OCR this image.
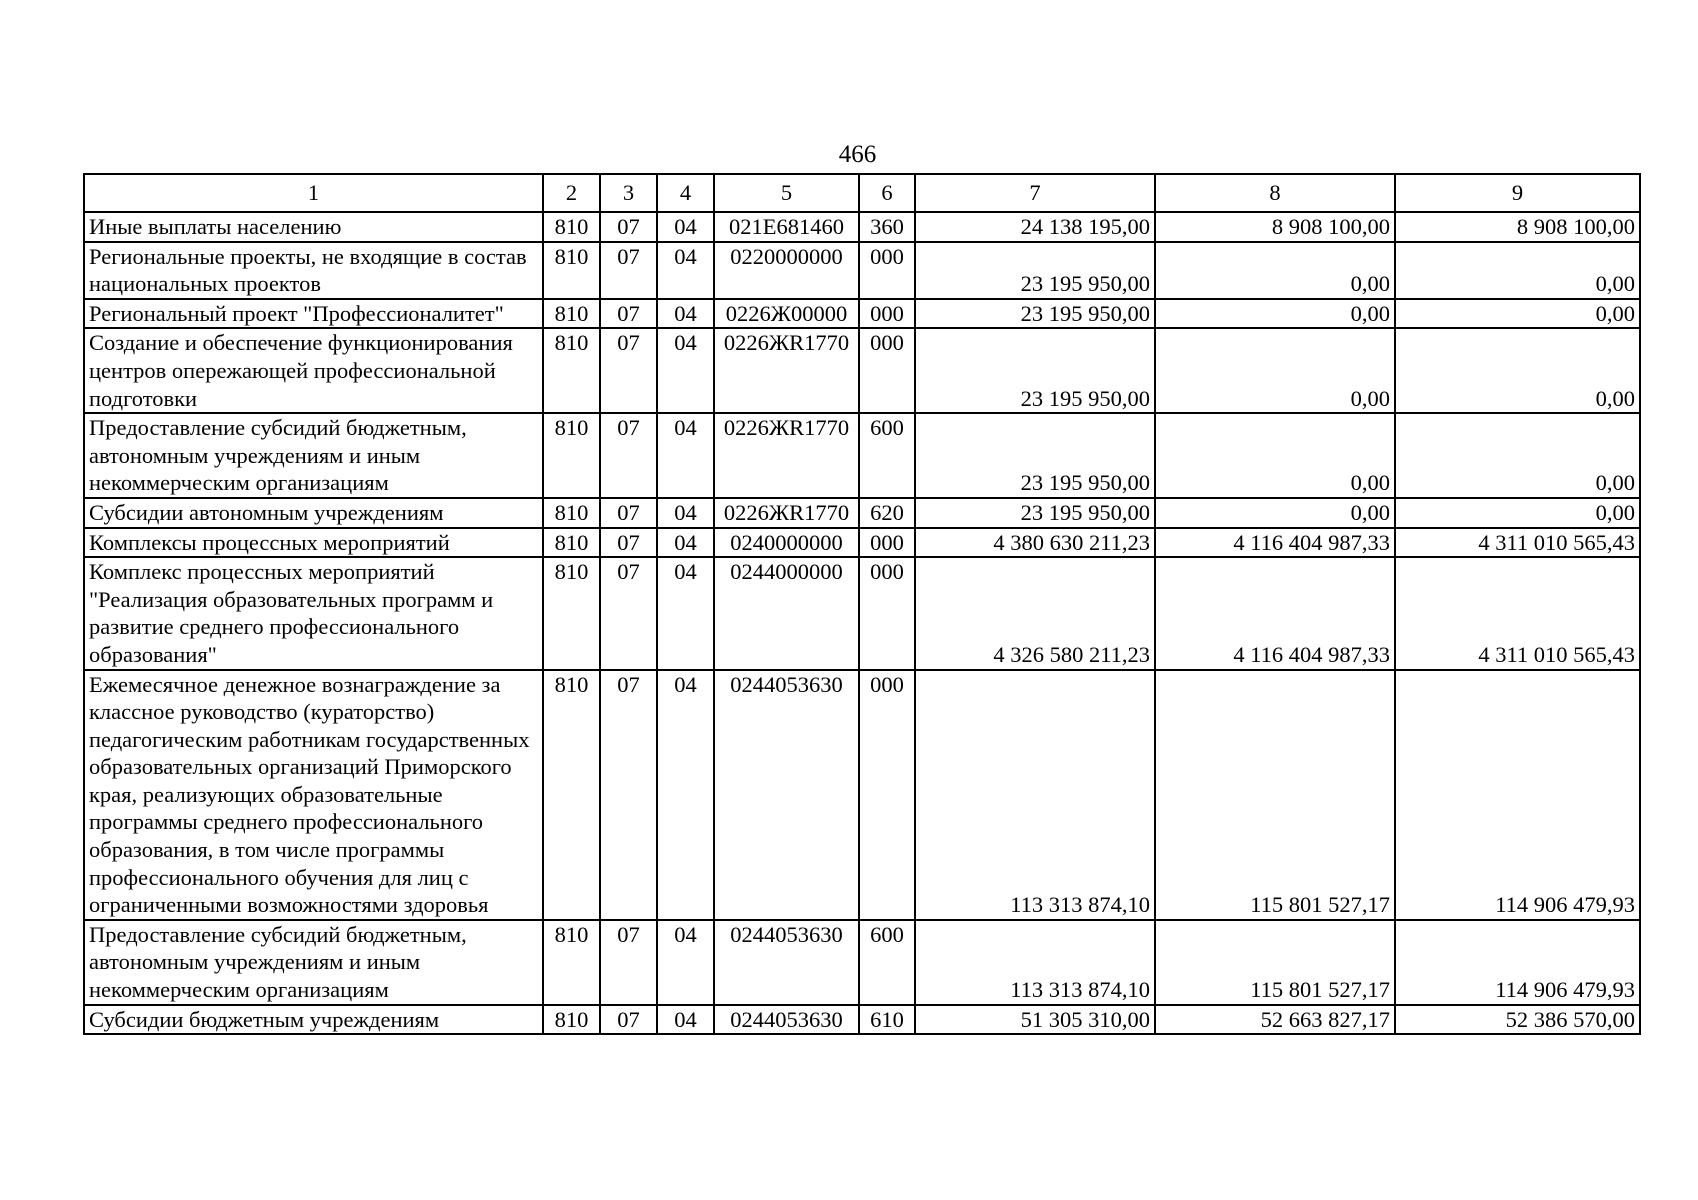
466
1	2	3	4	5	6	7	8	9
Иные выплаты населению	810	07	04	021E681460	360	24 138 195,00	8 908 100,00	8 908 100,00
Региональные проекты, не входящие в состав национальных проектов	810	07	04	0220000000	000	23 195 950,00	0,00	0,00
Региональный проект "Профессионалитет"	810	07	04	0226Ж00000	000	23 195 950,00	0,00	0,00
Создание и обеспечение функционирования центров опережающей профессиональной подготовки	810	07	04	0226ЖR1770	000	23 195 950,00	0,00	0,00
Предоставление субсидий бюджетным, автономным учреждениям и иным некоммерческим организациям	810	07	04	0226ЖR1770	600	23 195 950,00	0,00	0,00
Субсидии автономным учреждениям	810	07	04	0226ЖR1770	620	23 195 950,00	0,00	0,00
Комплексы процессных мероприятий	810	07	04	0240000000	000	4 380 630 211,23	4 116 404 987,33	4 311 010 565,43
Комплекс процессных мероприятий "Реализация образовательных программ и развитие среднего профессионального образования"	810	07	04	0244000000	000	4 326 580 211,23	4 116 404 987,33	4 311 010 565,43
Ежемесячное денежное вознаграждение за классное руководство (кураторство) педагогическим работникам государственных образовательных организаций Приморского края, реализующих образовательные программы среднего профессионального образования, в том числе программы профессионального обучения для лиц с ограниченными возможностями здоровья	810	07	04	0244053630	000	113 313 874,10	115 801 527,17	114 906 479,93
Предоставление субсидий бюджетным, автономным учреждениям и иным некоммерческим организациям	810	07	04	0244053630	600	113 313 874,10	115 801 527,17	114 906 479,93
Субсидии бюджетным учреждениям	810	07	04	0244053630	610	51 305 310,00	52 663 827,17	52 386 570,00
